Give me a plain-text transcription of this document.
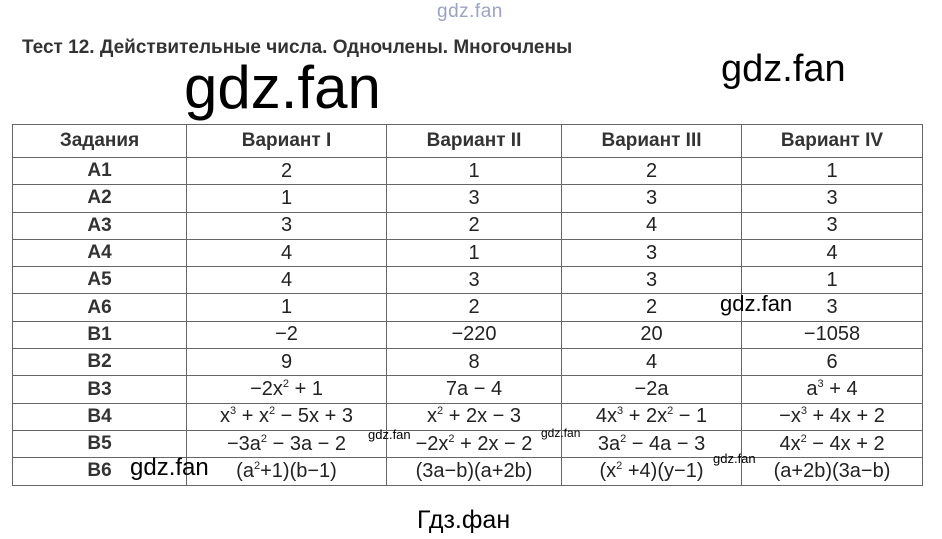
Тест 12. Действительные числа. Одночлены. Многочлены
gdz.fan
gdz.fan	gdz.fan
Задания	Вариант I	Вариант II	Вариант III	Вариант IV
A1	2	1	2	1
A2	1	3	3	3
A3	3	2	4	3
A4	4	1	3	4
A5	4	3	3	1
A6	1	2	2	3
B1	−2	−220	20	−1058
B2	9	8	4	6
B3	$-2x^2 + 1$	7a − 4	−2a	$a^3 + 4$
B4	$x^3 + x^2 - 5x + 3$	$x^2 + 2x - 3$	$4x^3 + 2x^2 - 1$	$-x^3 + 4x + 2$
B5	$-3a^2 - 3a - 2$	$-2x^2 + 2x - 2$	$3a^2 - 4a - 3$	$4x^2 - 4x + 2$
B6	$(a^2+1)(b-1)$	(3a−b)(a+2b)	$(x^2 +4)(y-1)$	(a+2b)(3a−b)
gdz.fan
gdz.fan	gdz.fan
gdz.fan
gdz.fan
Гдз.фан
